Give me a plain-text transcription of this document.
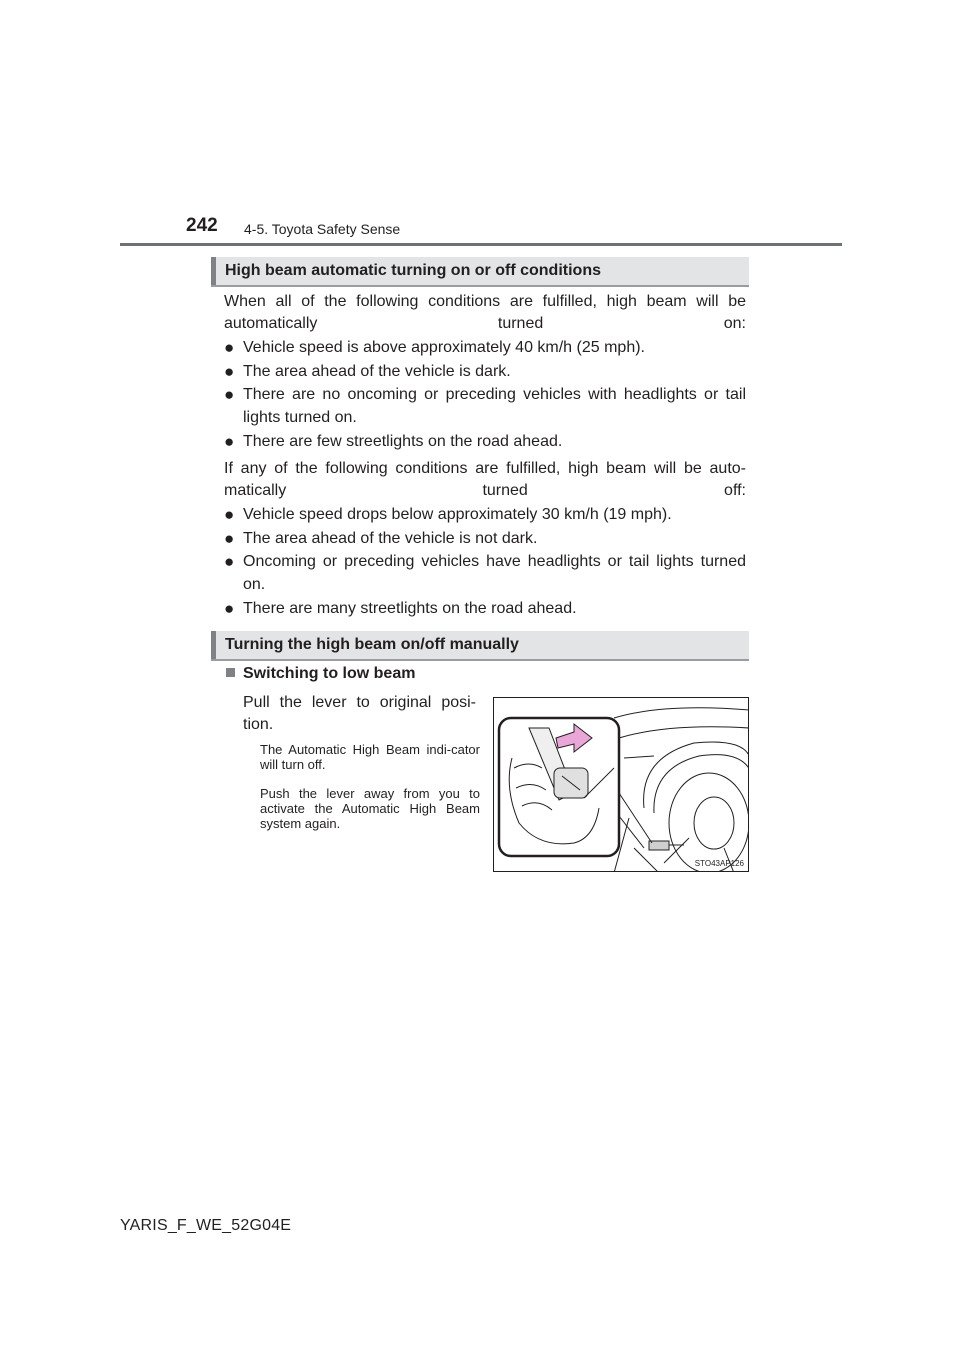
242 4-5. Toyota Safety Sense
High beam automatic turning on or off conditions

When all of the following conditions are fulfilled, high beam will be automatically turned on:

● Vehicle speed is above approximately 40 km/h (25 mph).
● The area ahead of the vehicle is dark.
● There are no oncoming or preceding vehicles with headlights or tail lights turned on.
● There are few streetlights on the road ahead.

If any of the following conditions are fulfilled, high beam will be auto-matically turned off:

● Vehicle speed drops below approximately 30 km/h (19 mph).
● The area ahead of the vehicle is not dark.
● Oncoming or preceding vehicles have headlights or tail lights turned on.
● There are many streetlights on the road ahead.
Turning the high beam on/off manually
Switching to low beam
Pull the lever to original posi-tion.
The Automatic High Beam indi-cator will turn off.
Push the lever away from you to activate the Automatic High Beam system again.
STO43AP126
YARIS_F_WE_52G04E
